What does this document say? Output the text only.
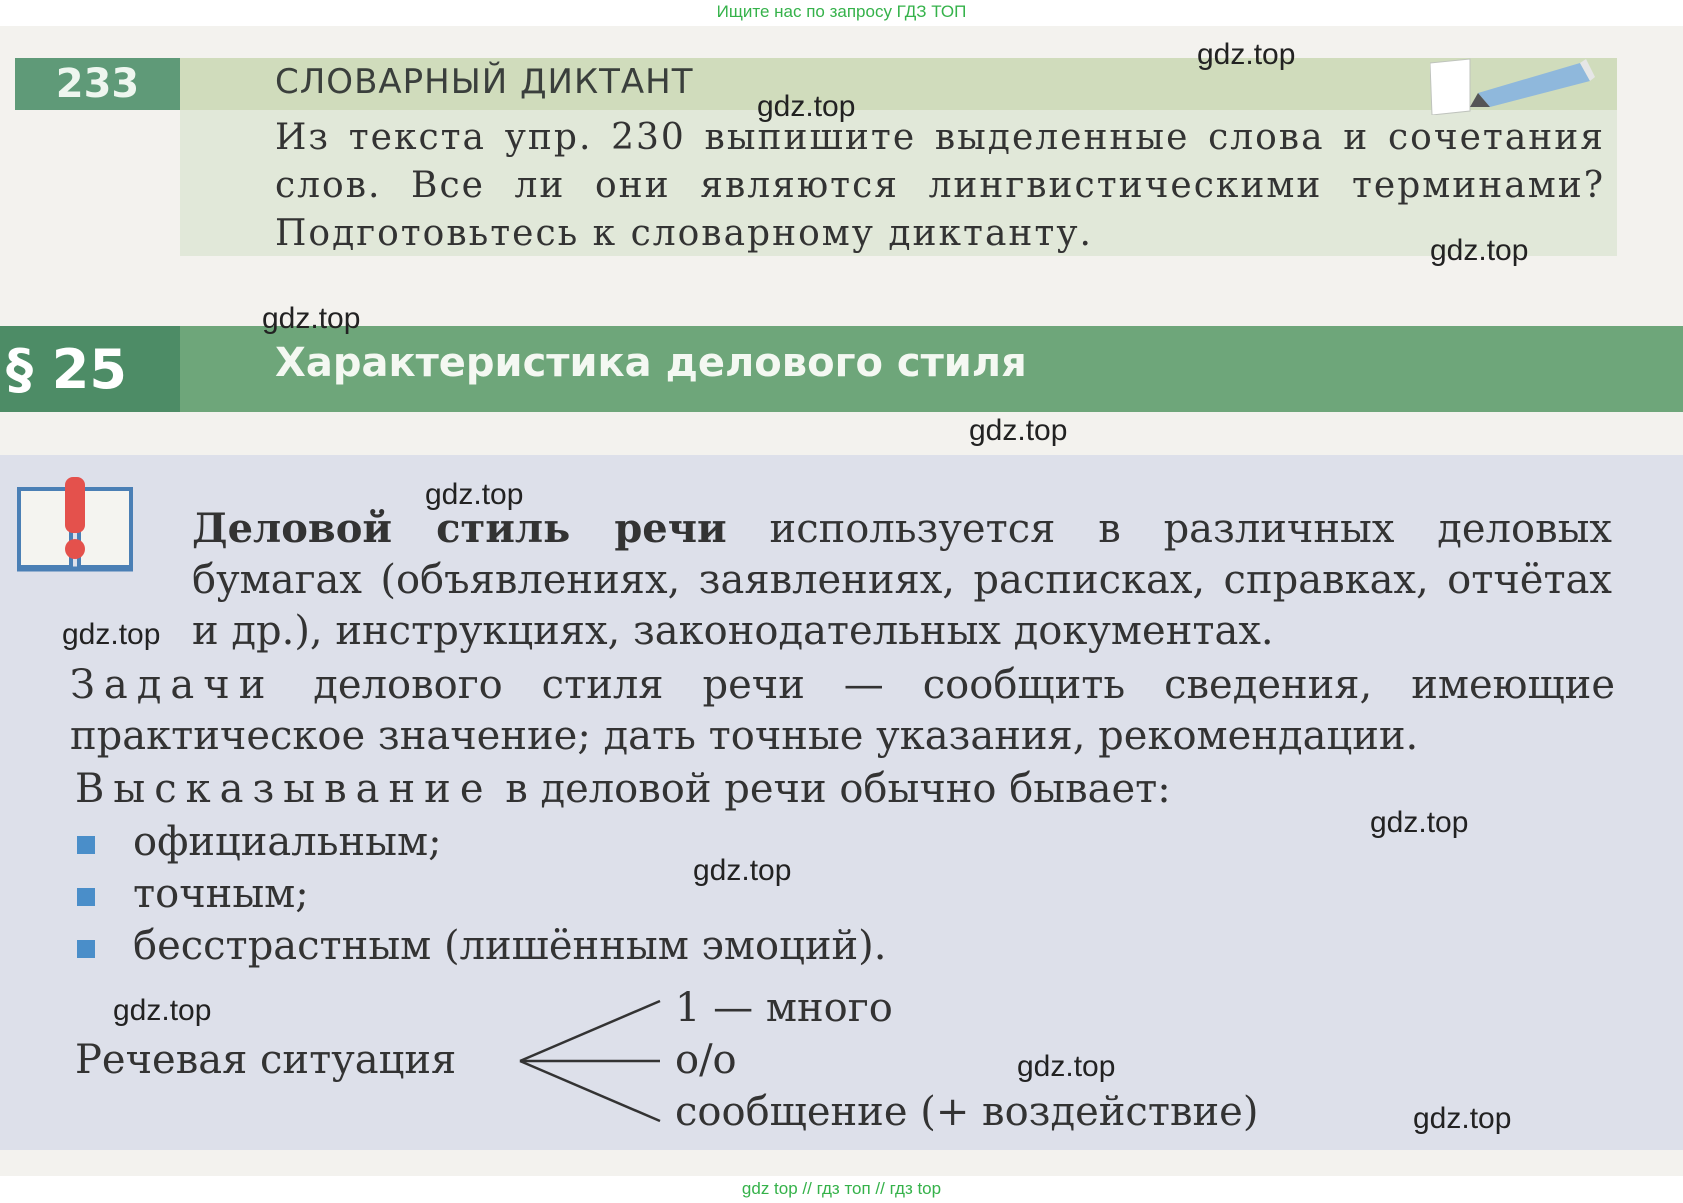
Ищите нас по запросу ГДЗ ТОП
233	СЛОВАРНЫЙ ДИКТАНТ
Из текста упр. 230 выпишите выделенные слова и сочетания слов. Все ли они являются лингвистическими терминами? Подготовьтесь к словарному диктанту.
§ 25	Характеристика делового стиля
Деловой стиль речи используется в различных деловых бумагах (объявлениях, заявлениях, расписках, справках, отчётах и др.), инструкциях, законодательных документах.
Задачи делового стиля речи — сообщить сведения, имеющие практическое значение; дать точные указания, рекомендации.
Высказывание в деловой речи обычно бывает:
официальным;
точным;
бесстрастным (лишённым эмоций).
Речевая ситуация
1 — много
о/о
сообщение (+ воздействие)
gdz.top
gdz.top
gdz.top
gdz.top
gdz.top
gdz.top
gdz.top
gdz.top
gdz.top
gdz.top
gdz.top
gdz.top
gdz top // гдз топ // гдз top
